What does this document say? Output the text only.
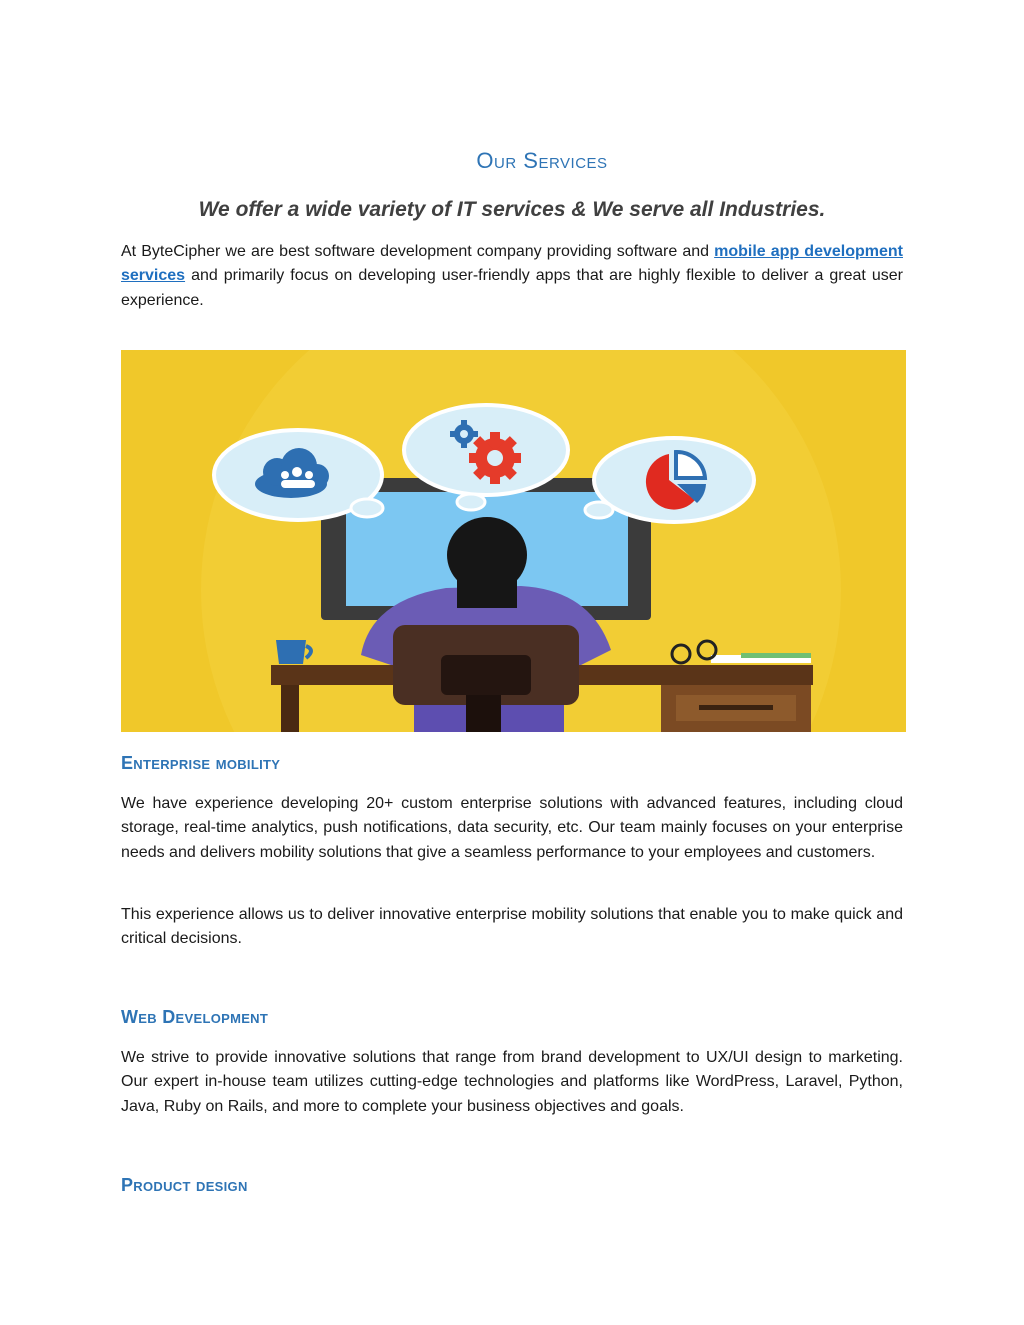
Our Services
We offer a wide variety of IT services & We serve all Industries.
At ByteCipher we are best software development company providing software and mobile app development services and primarily focus on developing user-friendly apps that are highly flexible to deliver a great user experience.
Enterprise mobility
We have experience developing 20+ custom enterprise solutions with advanced features, including cloud storage, real-time analytics, push notifications, data security, etc. Our team mainly focuses on your enterprise needs and delivers mobility solutions that give a seamless performance to your employees and customers.
This experience allows us to deliver innovative enterprise mobility solutions that enable you to make quick and critical decisions.
Web Development
We strive to provide innovative solutions that range from brand development to UX/UI design to marketing. Our expert in-house team utilizes cutting-edge technologies and platforms like WordPress, Laravel, Python, Java, Ruby on Rails, and more to complete your business objectives and goals.
Product design
